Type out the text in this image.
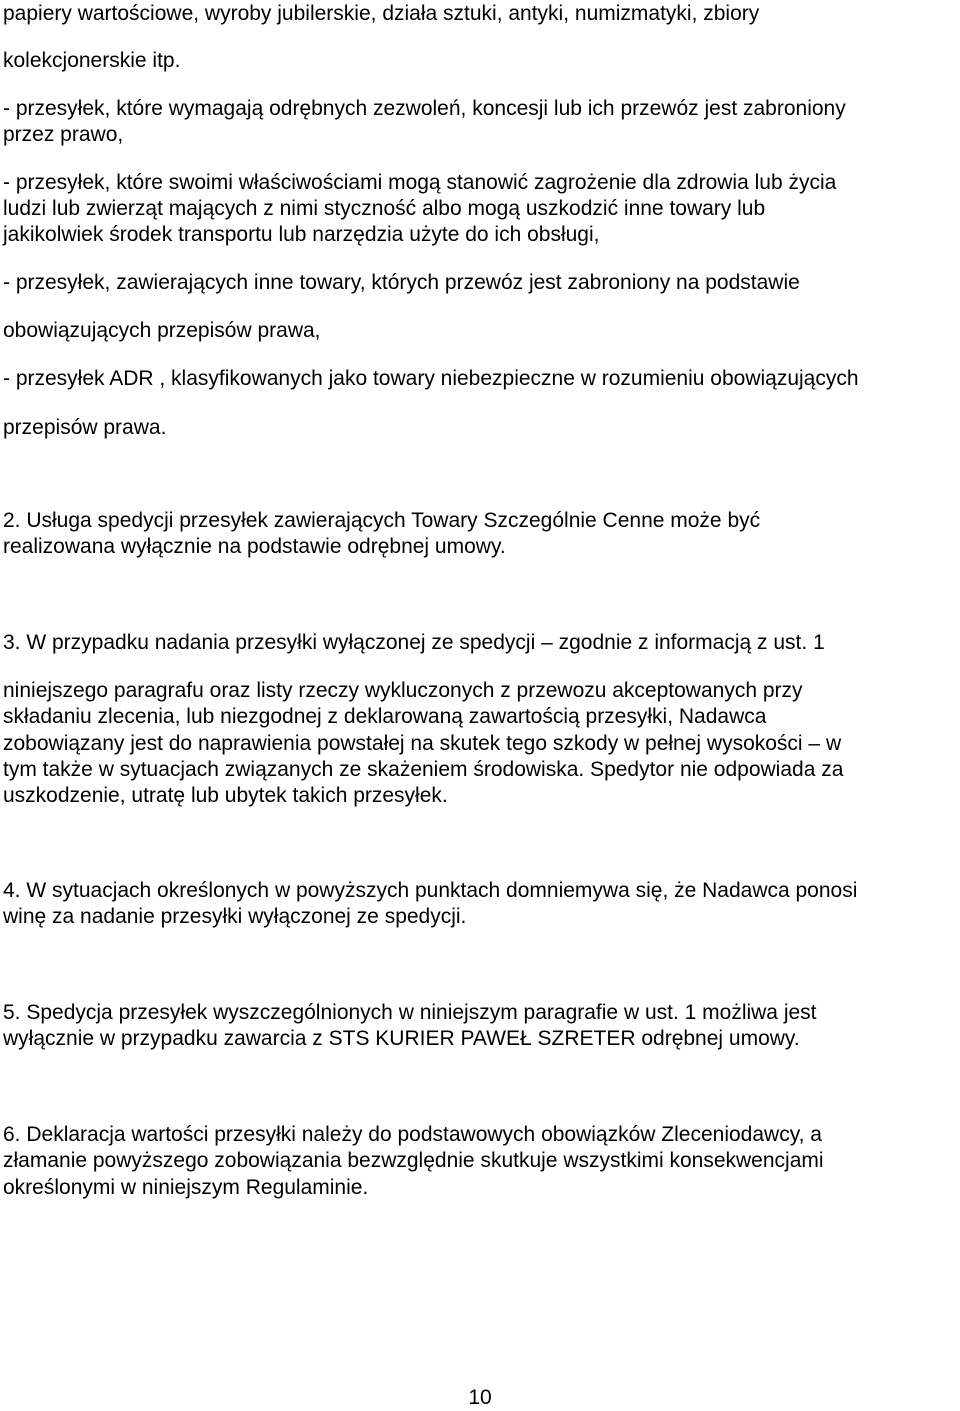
papiery wartościowe, wyroby jubilerskie, działa sztuki, antyki, numizmatyki, zbiory

kolekcjonerskie itp.

- przesyłek, które wymagają odrębnych zezwoleń, koncesji lub ich przewóz jest zabroniony

przez prawo,

- przesyłek, które swoimi właściwościami mogą stanowić zagrożenie dla zdrowia lub życia

ludzi lub zwierząt mających z nimi styczność albo mogą uszkodzić inne towary lub

jakikolwiek środek transportu lub narzędzia użyte do ich obsługi,

- przesyłek, zawierających inne towary, których przewóz jest zabroniony na podstawie

obowiązujących przepisów prawa,

- przesyłek ADR , klasyfikowanych jako towary niebezpieczne w rozumieniu obowiązujących

przepisów prawa.

2. Usługa spedycji przesyłek zawierających Towary Szczególnie Cenne może być

realizowana wyłącznie na podstawie odrębnej umowy.

3. W przypadku nadania przesyłki wyłączonej ze spedycji – zgodnie z informacją z ust. 1

niniejszego paragrafu oraz listy rzeczy wykluczonych z przewozu akceptowanych przy

składaniu zlecenia, lub niezgodnej z deklarowaną zawartością przesyłki, Nadawca

zobowiązany jest do naprawienia powstałej na skutek tego szkody w pełnej wysokości – w

tym także w sytuacjach związanych ze skażeniem środowiska. Spedytor nie odpowiada za

uszkodzenie, utratę lub ubytek takich przesyłek.

4. W sytuacjach określonych w powyższych punktach domniemywa się, że Nadawca ponosi

winę za nadanie przesyłki wyłączonej ze spedycji.

5. Spedycja przesyłek wyszczególnionych w niniejszym paragrafie w ust. 1 możliwa jest

wyłącznie w przypadku zawarcia z STS KURIER PAWEŁ SZRETER odrębnej umowy.

6. Deklaracja wartości przesyłki należy do podstawowych obowiązków Zleceniodawcy, a

złamanie powyższego zobowiązania bezwzględnie skutkuje wszystkimi konsekwencjami

określonymi w niniejszym Regulaminie.

10
